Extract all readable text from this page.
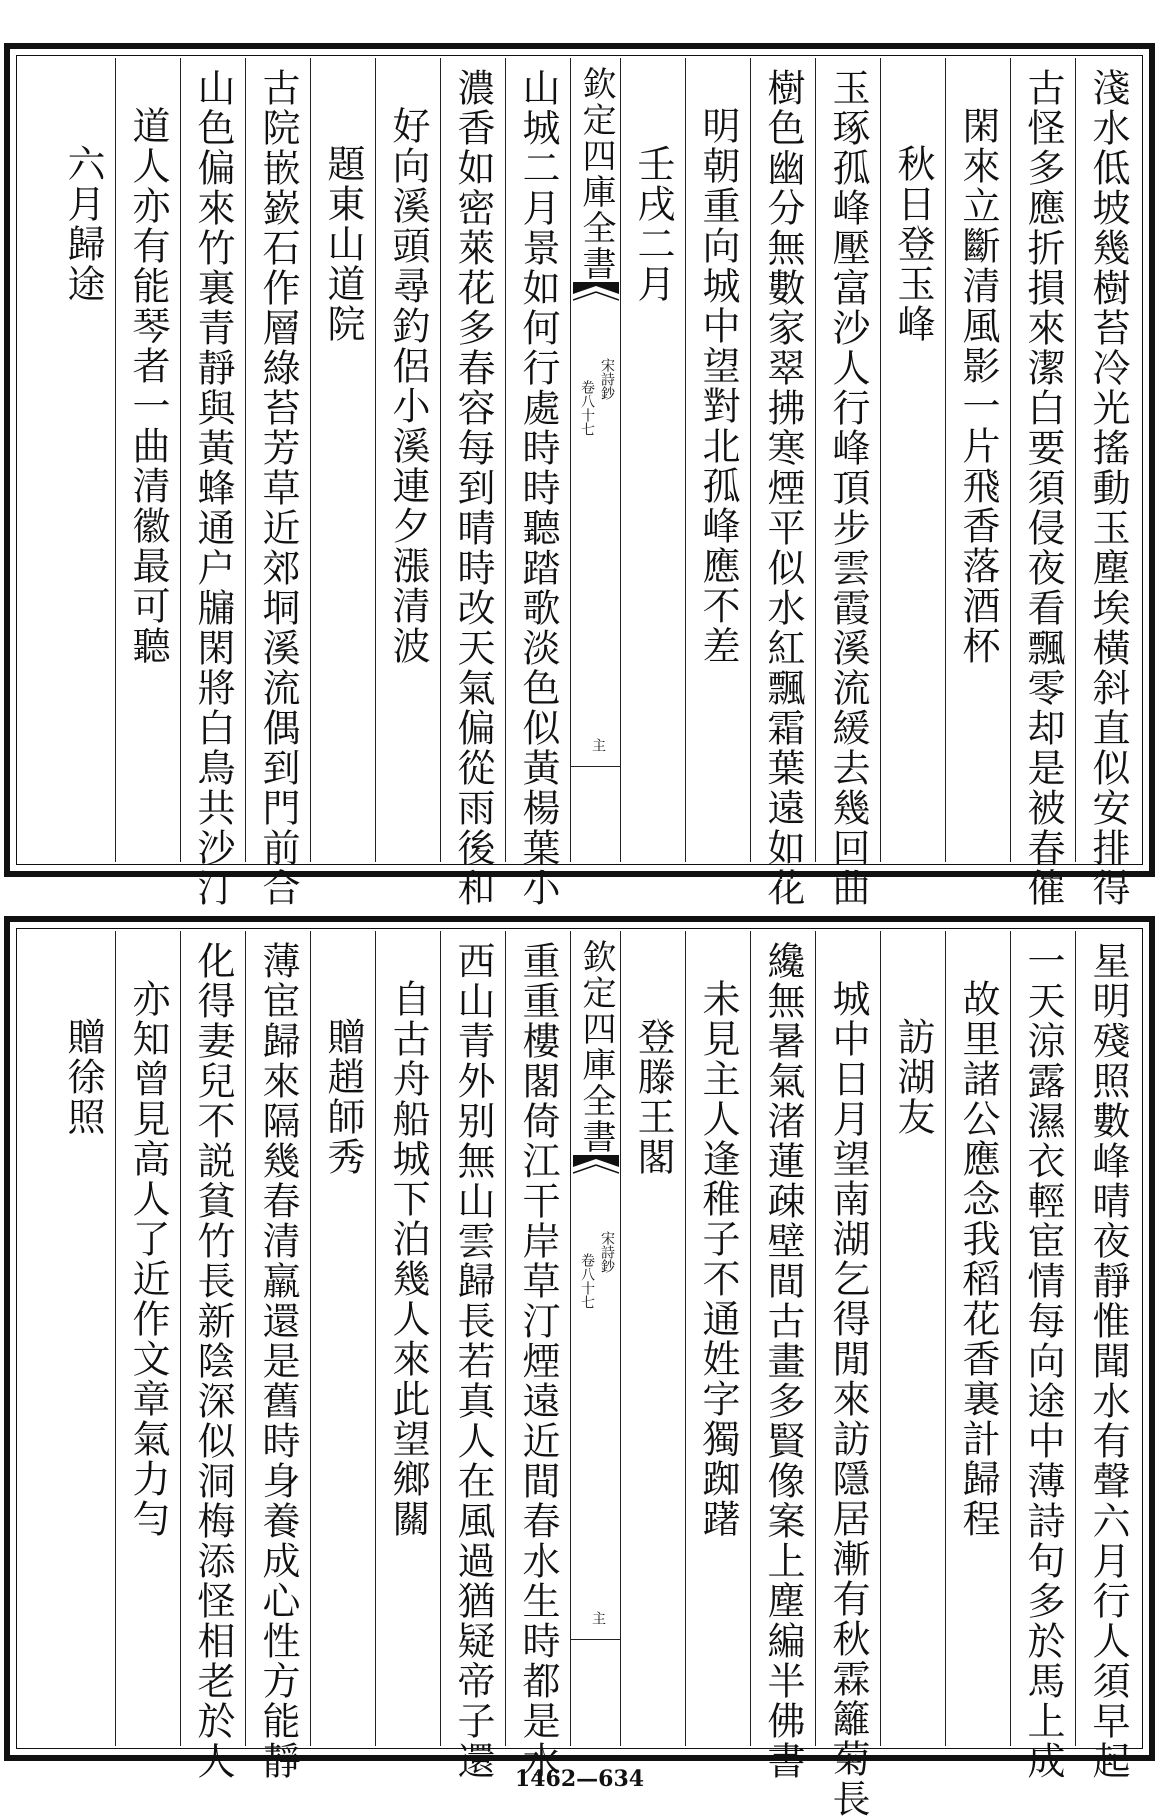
淺水低坡幾樹苔冷光搖動玉塵埃橫斜直似安排得
古怪多應折損來潔白要須侵夜看飄零却是被春催
閑來立斷清風影一片飛香落酒杯
秋日登玉峰
玉琢孤峰壓富沙人行峰頂步雲霞溪流緩去幾回曲
樹色幽分無數家翠拂寒煙平似水紅飄霜葉遠如花
明朝重向城中望對北孤峰應不差
壬戌二月
欽定四庫全書
宋詩鈔
卷八十七
主
山城二月景如何行處時時聽踏歌淡色似黃楊葉小
濃香如密萊花多春容每到晴時改天氣偏從雨後和
好向溪頭尋釣侶小溪連夕漲清波
題東山道院
古院嵌嶔石作層綠苔芳草近郊垌溪流偶到門前合
山色偏來竹裏青靜與黃蜂通户牖閑將白鳥共沙汀
道人亦有能琴者一曲清徽最可聽
六月歸途
星明殘照數峰晴夜靜惟聞水有聲六月行人須早起
一天涼露濕衣輕宦情每向途中薄詩句多於馬上成
故里諸公應念我稻花香裏計歸程
訪湖友
城中日月望南湖乞得閒來訪隱居漸有秋霖籬菊長
纔無暑氣渚蓮疎壁間古畫多賢像案上塵編半佛書
未見主人逢稚子不通姓字獨踟躇
登滕王閣
欽定四庫全書
宋詩鈔
卷八十七
主
重重樓閣倚江干岸草汀煙遠近間春水生時都是水
西山青外别無山雲歸長若真人在風過猶疑帝子還
自古舟船城下泊幾人來此望鄉關
贈趙師秀
薄宦歸來隔幾春清羸還是舊時身養成心性方能靜
化得妻兒不説貧竹長新陰深似洞梅添怪相老於人
亦知曾見高人了近作文章氣力勻
贈徐照
1462—634
